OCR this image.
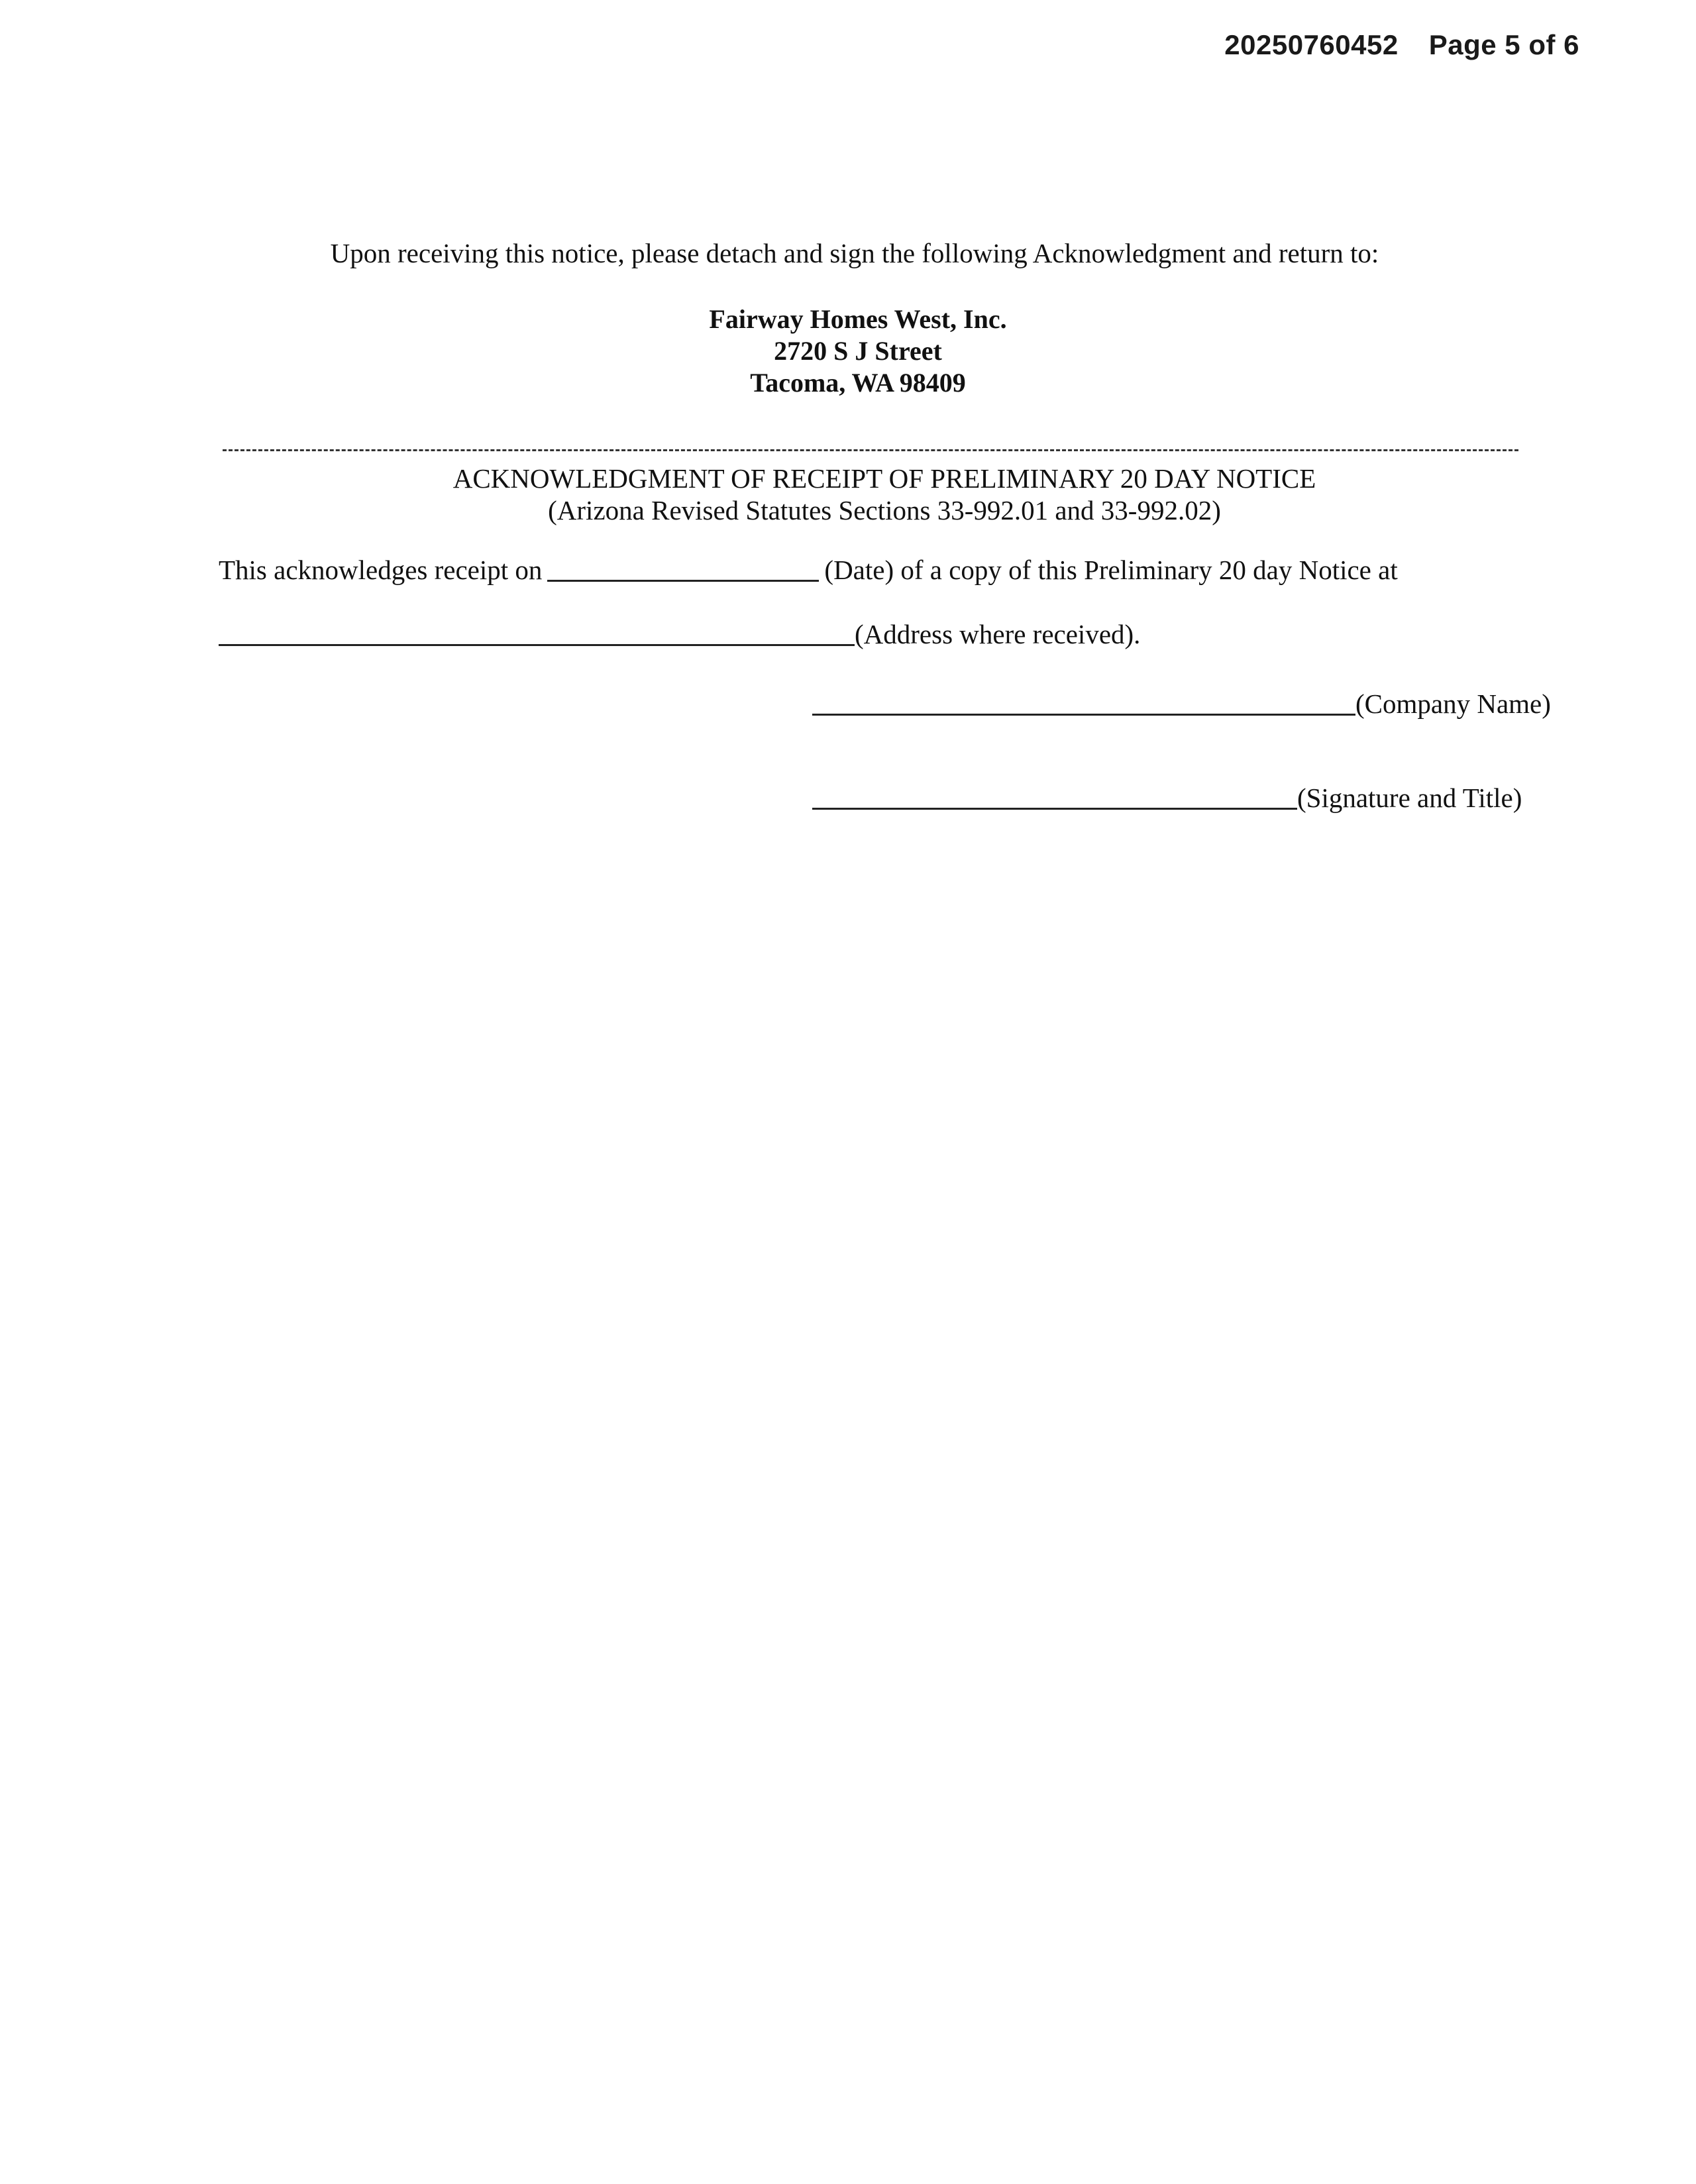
20250760452 Page 5 of 6
Upon receiving this notice, please detach and sign the following Acknowledgment and return to:
Fairway Homes West, Inc.
2720 S J Street
Tacoma, WA 98409
ACKNOWLEDGMENT OF RECEIPT OF PRELIMINARY 20 DAY NOTICE
(Arizona Revised Statutes Sections 33-992.01 and 33-992.02)
This acknowledges receipt on	(Date) of a copy of this Preliminary 20 day Notice at
(Address where received).
(Company Name)
(Signature and Title)
